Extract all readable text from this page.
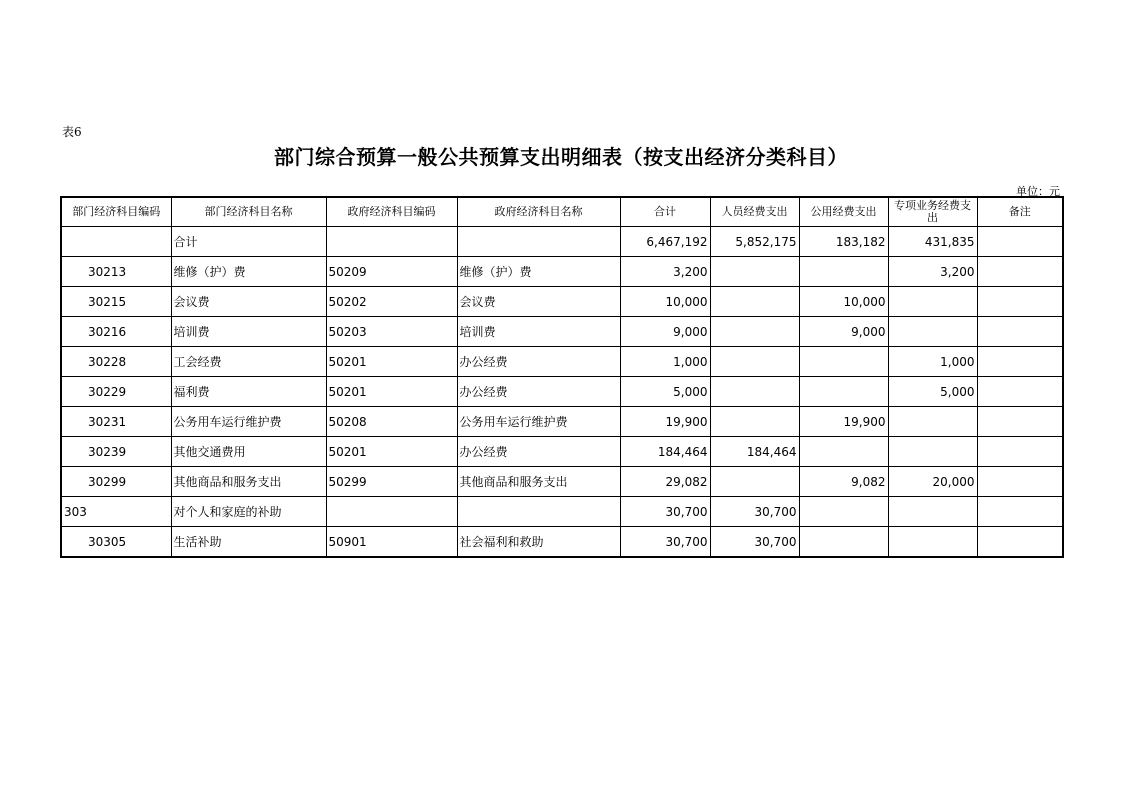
表6
部门综合预算一般公共预算支出明细表（按支出经济分类科目）
单位：元
部门经济科目编码	部门经济科目名称	政府经济科目编码	政府经济科目名称	合计	人员经费支出	公用经费支出	专项业务经费支出	备注
	合计			6,467,192	5,852,175	183,182	431,835	
30213	维修（护）费	50209	维修（护）费	3,200			3,200	
30215	会议费	50202	会议费	10,000		10,000		
30216	培训费	50203	培训费	9,000		9,000		
30228	工会经费	50201	办公经费	1,000			1,000	
30229	福利费	50201	办公经费	5,000			5,000	
30231	公务用车运行维护费	50208	公务用车运行维护费	19,900		19,900		
30239	其他交通费用	50201	办公经费	184,464	184,464			
30299	其他商品和服务支出	50299	其他商品和服务支出	29,082		9,082	20,000	
303	对个人和家庭的补助			30,700	30,700			
30305	生活补助	50901	社会福利和救助	30,700	30,700			
